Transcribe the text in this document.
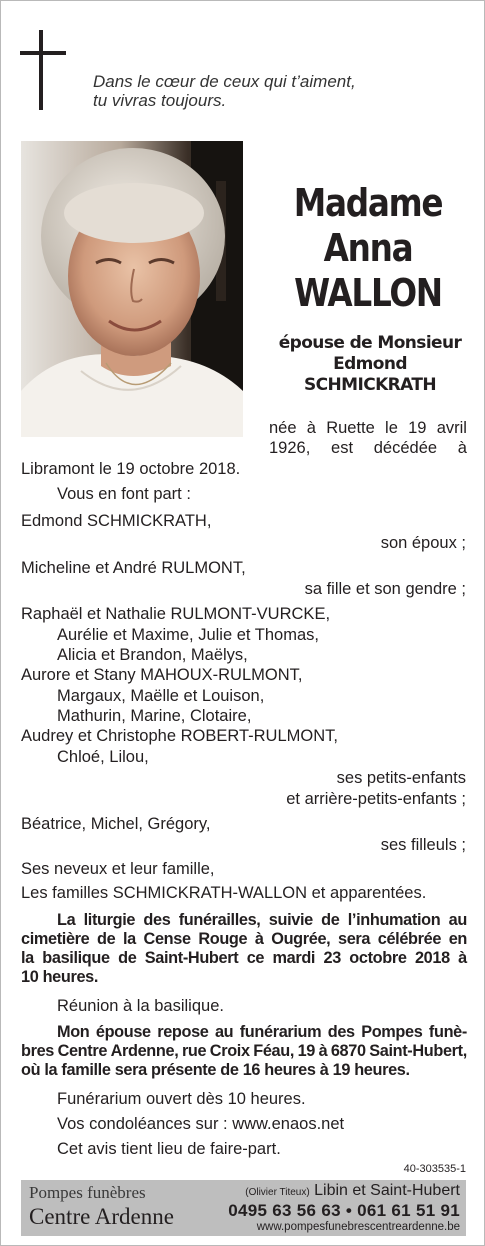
Dans le cœur de ceux qui t’aiment,
tu vivras toujours.
Madame
Anna
WALLON
épouse de Monsieur
Edmond
SCHMICKRATH
née à Ruette le 19 avril
1926, est décédée à
Libramont le 19 octobre 2018.
Vous en font part :
Edmond SCHMICKRATH,
son époux ;
Micheline et André RULMONT,
sa fille et son gendre ;
Raphaël et Nathalie RULMONT-VURCKE,
Aurélie et Maxime, Julie et Thomas,
Alicia et Brandon, Maëlys,
Aurore et Stany MAHOUX-RULMONT,
Margaux, Maëlle et Louison,
Mathurin, Marine, Clotaire,
Audrey et Christophe ROBERT-RULMONT,
Chloé, Lilou,
ses petits-enfants
et arrière-petits-enfants ;
Béatrice, Michel, Grégory,
ses filleuls ;
Ses neveux et leur famille,
Les familles SCHMICKRATH-WALLON et apparentées.
La liturgie des funérailles, suivie de l’inhumation au
cimetière de la Cense Rouge à Ougrée, sera célébrée en
la basilique de Saint-Hubert ce mardi 23 octobre 2018 à
10 heures.
Réunion à la basilique.
Mon épouse repose au funérarium des Pompes funè-
bres Centre Ardenne, rue Croix Féau, 19 à 6870 Saint-Hubert,
où la famille sera présente de 16 heures à 19 heures.
Funérarium ouvert dès 10 heures.
Vos condoléances sur : www.enaos.net
Cet avis tient lieu de faire-part.
40-303535-1
Pompes funèbres
Centre Ardenne
(Olivier Titeux) Libin et Saint-Hubert
0495 63 56 63 • 061 61 51 91
www.pompesfunebrescentreardenne.be
